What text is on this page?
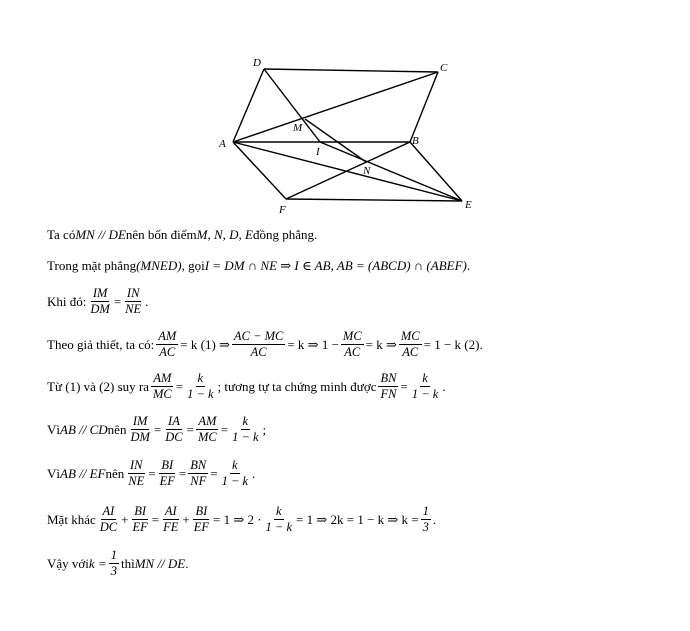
D	C
M
A	B
I
N
F	E
Ta có MN // DE nên bốn điểm M, N, D, E đồng phẳng.
Trong mặt phẳng (MNED) , gọi I = DM ∩ NE ⇒ I ∈ AB, AB = (ABCD) ∩ (ABEF) .
Khi đó: $\frac{IM}{DM} = \frac{IN}{NE}$ .
Theo giả thiết, ta có: $\frac{AM}{AC} = k$ (1) ⇒ $\frac{AC - MC}{AC} = k$ ⇒ $1 - \frac{MC}{AC} = k$ ⇒ $\frac{MC}{AC} = 1 - k$ (2).
Từ (1) và (2) suy ra $\frac{AM}{MC} = \frac{k}{1 - k}$ ; tương tự ta chứng minh được $\frac{BN}{FN} = \frac{k}{1 - k}$ .
Vì AB // CD nên $\frac{IM}{DM} = \frac{IA}{DC} = \frac{AM}{MC} = \frac{k}{1 - k}$ ;
Vì AB // EF nên $\frac{IN}{NE} = \frac{BI}{EF} = \frac{BN}{NF} = \frac{k}{1 - k}$ .
Mặt khác $\frac{AI}{DC} + \frac{BI}{EF} = \frac{AI}{FE} + \frac{BI}{EF} = 1$ ⇒ $2 \cdot \frac{k}{1 - k} = 1$ ⇒ 2k = 1 − k ⇒ $k = \frac{1}{3}$ .
Vậy với $k = \frac{1}{3}$ thì MN // DE .
